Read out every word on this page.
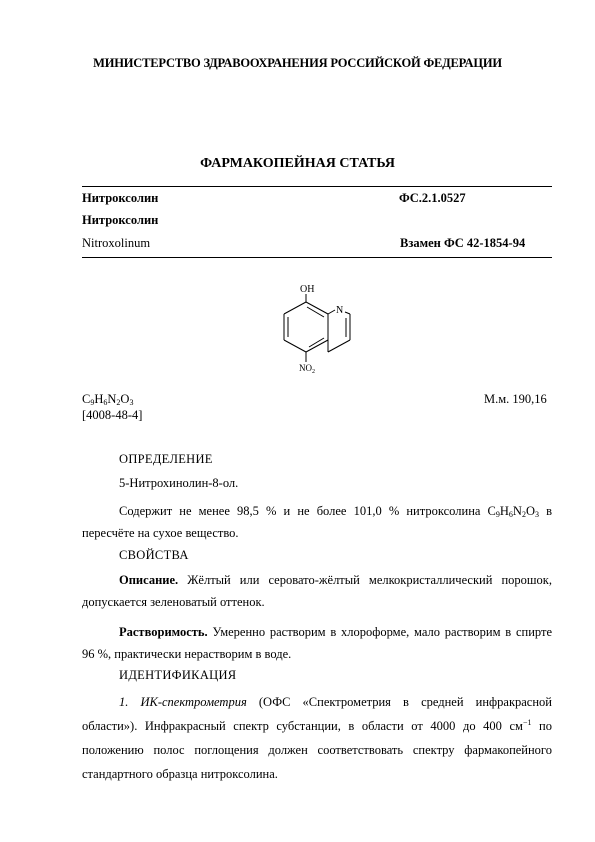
МИНИСТЕРСТВО ЗДРАВООХРАНЕНИЯ РОССИЙСКОЙ ФЕДЕРАЦИИ
ФАРМАКОПЕЙНАЯ СТАТЬЯ
Нитроксолин	ФС.2.1.0527
Нитроксолин
Nitroxolinum	Взамен ФС 42-1854-94
OH
N
$NO_2$
$C_9H_6N_2O_3$
[4008-48-4]
М.м. 190,16
ОПРЕДЕЛЕНИЕ
5-Нитрохинолин-8-ол.
Содержит не менее 98,5 % и не более 101,0 % нитроксолина $C_9H_6N_2O_3$ в пересчёте на сухое вещество.
СВОЙСТВА
Описание. Жёлтый или серовато-жёлтый мелкокристаллический порошок, допускается зеленоватый оттенок.
Растворимость. Умеренно растворим в хлороформе, мало растворим в спирте 96 %, практически нерастворим в воде.
ИДЕНТИФИКАЦИЯ
1. ИК-спектрометрия (ОФС «Спектрометрия в средней инфракрасной области»). Инфракрасный спектр субстанции, в области от 4000 до 400 $см^{-1}$ по положению полос поглощения должен соответствовать спектру фармакопейного стандартного образца нитроксолина.
